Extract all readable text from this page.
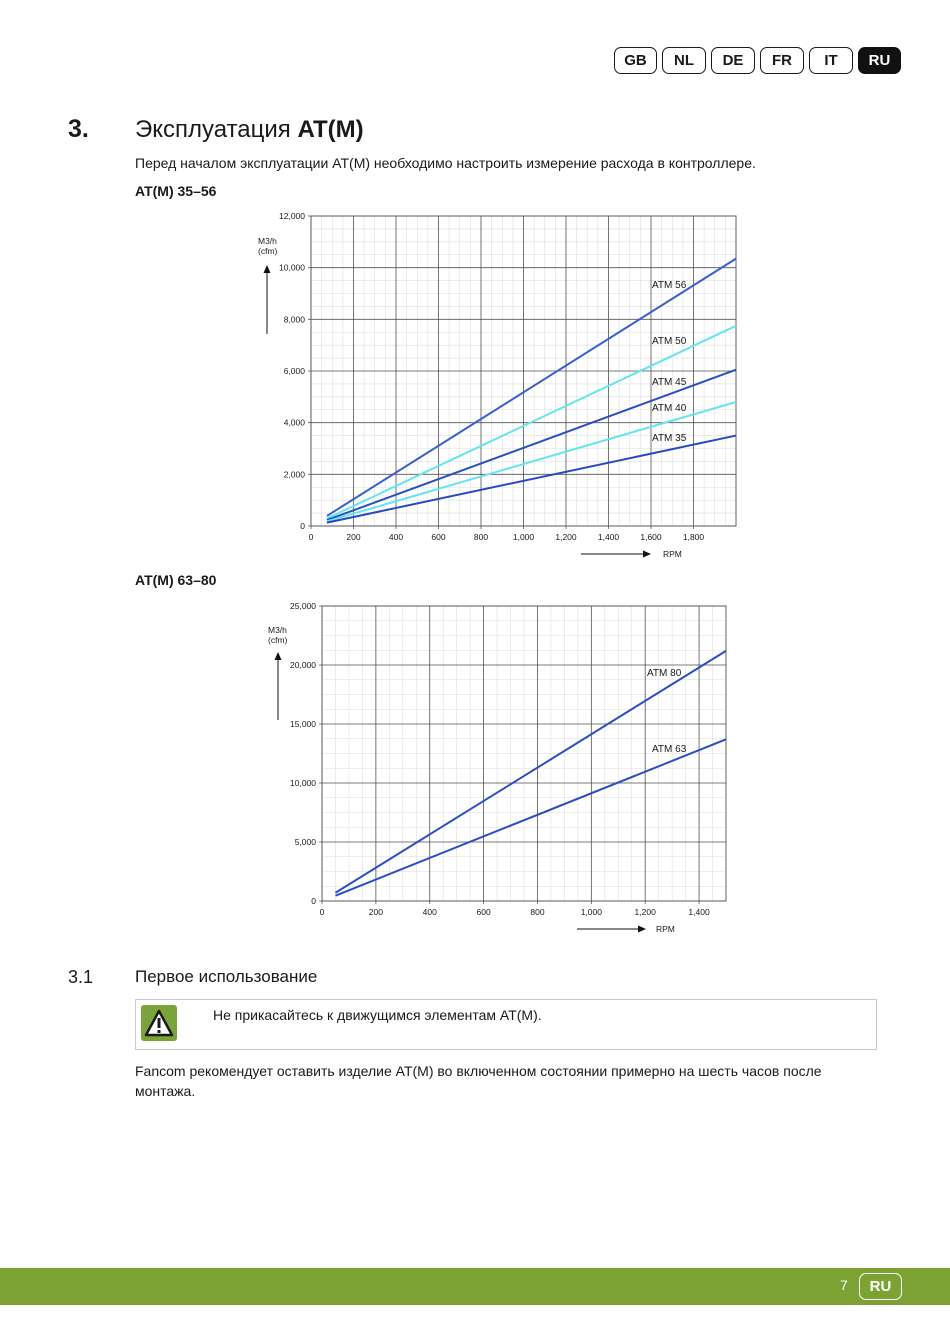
GB	NL	DE	FR	IT	RU
3. Эксплуатация AT(M)
Перед началом эксплуатации AT(M) необходимо настроить измерение расхода в контроллере.
AT(M) 35–56
AT(M) 63–80
0	200	400	600	800	1,000 1,200 1,400 1,600 1,800
0
2,000
4,000
6,000
8,000
10,000
12,000
M3/h (cfm)
RPM
ATM 56
ATM 50
ATM 45
ATM 40
ATM 35
0	200	400	600	800	1,000	1,200	1,400
0
5,000
10,000
15,000
20,000
25,000
M3/h (cfm)
RPM
ATM 80
ATM 63
3.1 Первое использование
Не прикасайтесь к движущимся элементам AT(M).
Fancom рекомендует оставить изделие AT(M) во включенном состоянии примерно на шесть часов после монтажа.
7	RU
